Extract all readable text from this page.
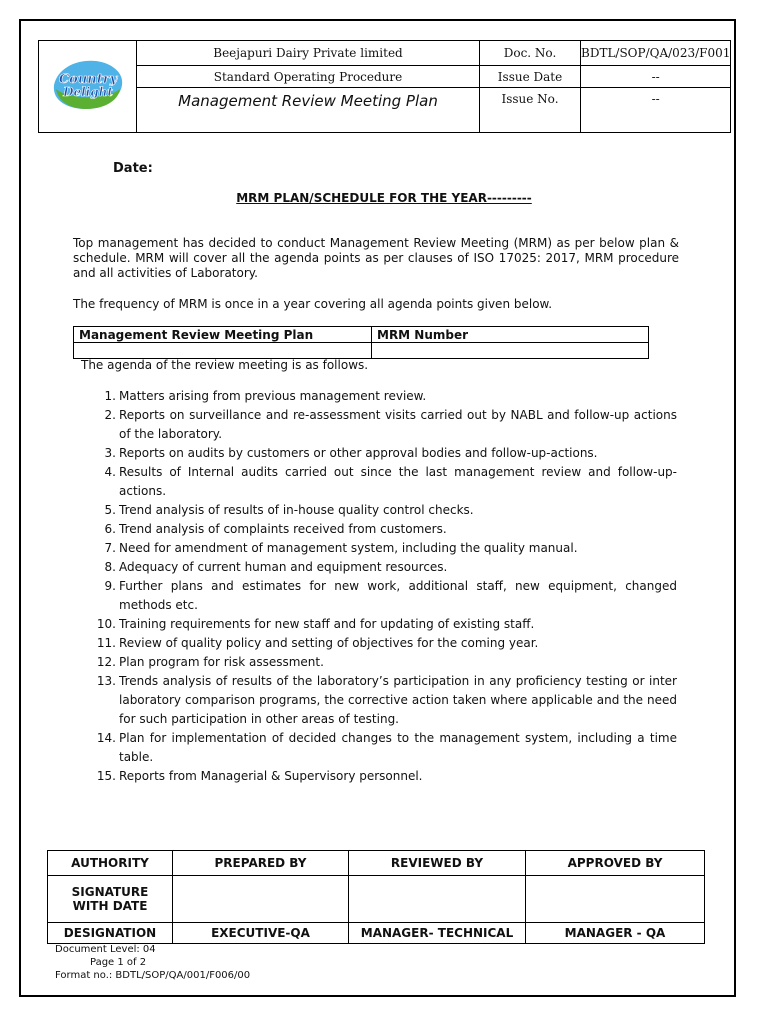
Country
Delight	Beejapuri Dairy Private limited	Doc. No.	BDTL/SOP/QA/023/F001
	Standard Operating Procedure	Issue Date	--
	Management Review Meeting Plan	Issue No.	--
Date:
MRM PLAN/SCHEDULE FOR THE YEAR---------

Top management has decided to conduct Management Review Meeting (MRM) as per below plan & schedule. MRM will cover all the agenda points as per clauses of ISO 17025: 2017, MRM procedure and all activities of Laboratory.

The frequency of MRM is once in a year covering all agenda points given below.

Management Review Meeting Plan	MRM Number

The agenda of the review meeting is as follows.
1. Matters arising from previous management review.
2. Reports on surveillance and re-assessment visits carried out by NABL and follow-up actions of the laboratory.
3. Reports on audits by customers or other approval bodies and follow-up-actions.
4. Results of Internal audits carried out since the last management review and follow-up-actions.
5. Trend analysis of results of in-house quality control checks.
6. Trend analysis of complaints received from customers.
7. Need for amendment of management system, including the quality manual.
8. Adequacy of current human and equipment resources.
9. Further plans and estimates for new work, additional staff, new equipment, changed methods etc.
10. Training requirements for new staff and for updating of existing staff.
11. Review of quality policy and setting of objectives for the coming year.
12. Plan program for risk assessment.
13. Trends analysis of results of the laboratory’s participation in any proficiency testing or inter laboratory comparison programs, the corrective action taken where applicable and the need for such participation in other areas of testing.
14. Plan for implementation of decided changes to the management system, including a time table.
15. Reports from Managerial & Supervisory personnel.
AUTHORITY	PREPARED BY	REVIEWED BY	APPROVED BY
SIGNATURE WITH DATE			
DESIGNATION	EXECUTIVE-QA	MANAGER- TECHNICAL	MANAGER - QA
Document Level: 04
Page 1 of 2
Format no.: BDTL/SOP/QA/001/F006/00
